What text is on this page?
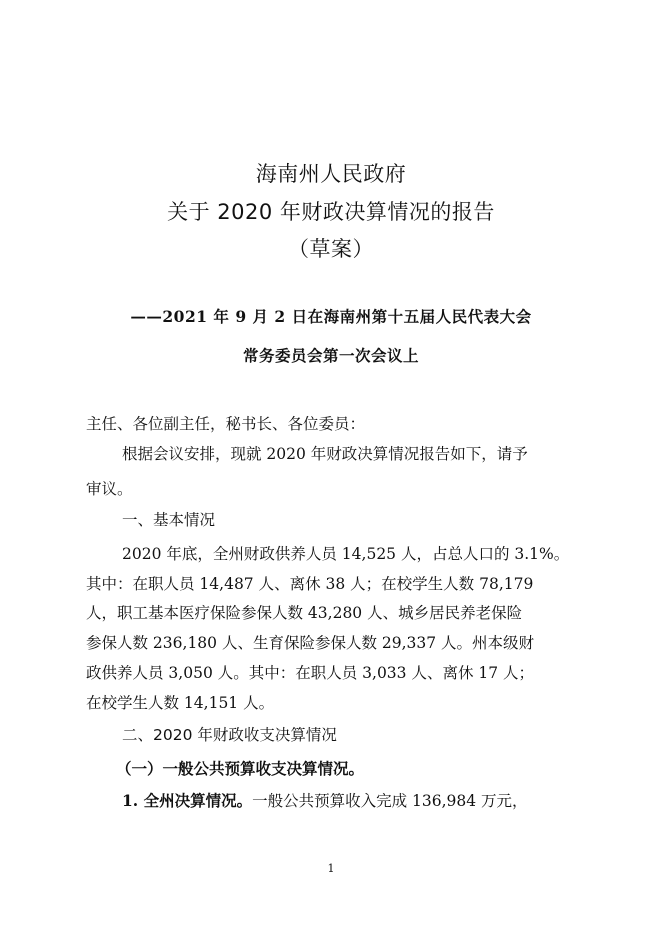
海南州人民政府
关于 2020 年财政决算情况的报告
（草案）
——2021 年 9 月 2 日在海南州第十五届人民代表大会
常务委员会第一次会议上
主任、各位副主任，秘书长、各位委员：
根据会议安排，现就 2020 年财政决算情况报告如下，请予
审议。
一、基本情况
2020 年底，全州财政供养人员 14,525 人，占总人口的 3.1%。
其中：在职人员 14,487 人、离休 38 人；在校学生人数 78,179
人，职工基本医疗保险参保人数 43,280 人、城乡居民养老保险
参保人数 236,180 人、生育保险参保人数 29,337 人。州本级财
政供养人员 3,050 人。其中：在职人员 3,033 人、离休 17 人；
在校学生人数 14,151 人。
二、2020 年财政收支决算情况
（一）一般公共预算收支决算情况。
1. 全州决算情况。一般公共预算收入完成 136,984 万元，
1
